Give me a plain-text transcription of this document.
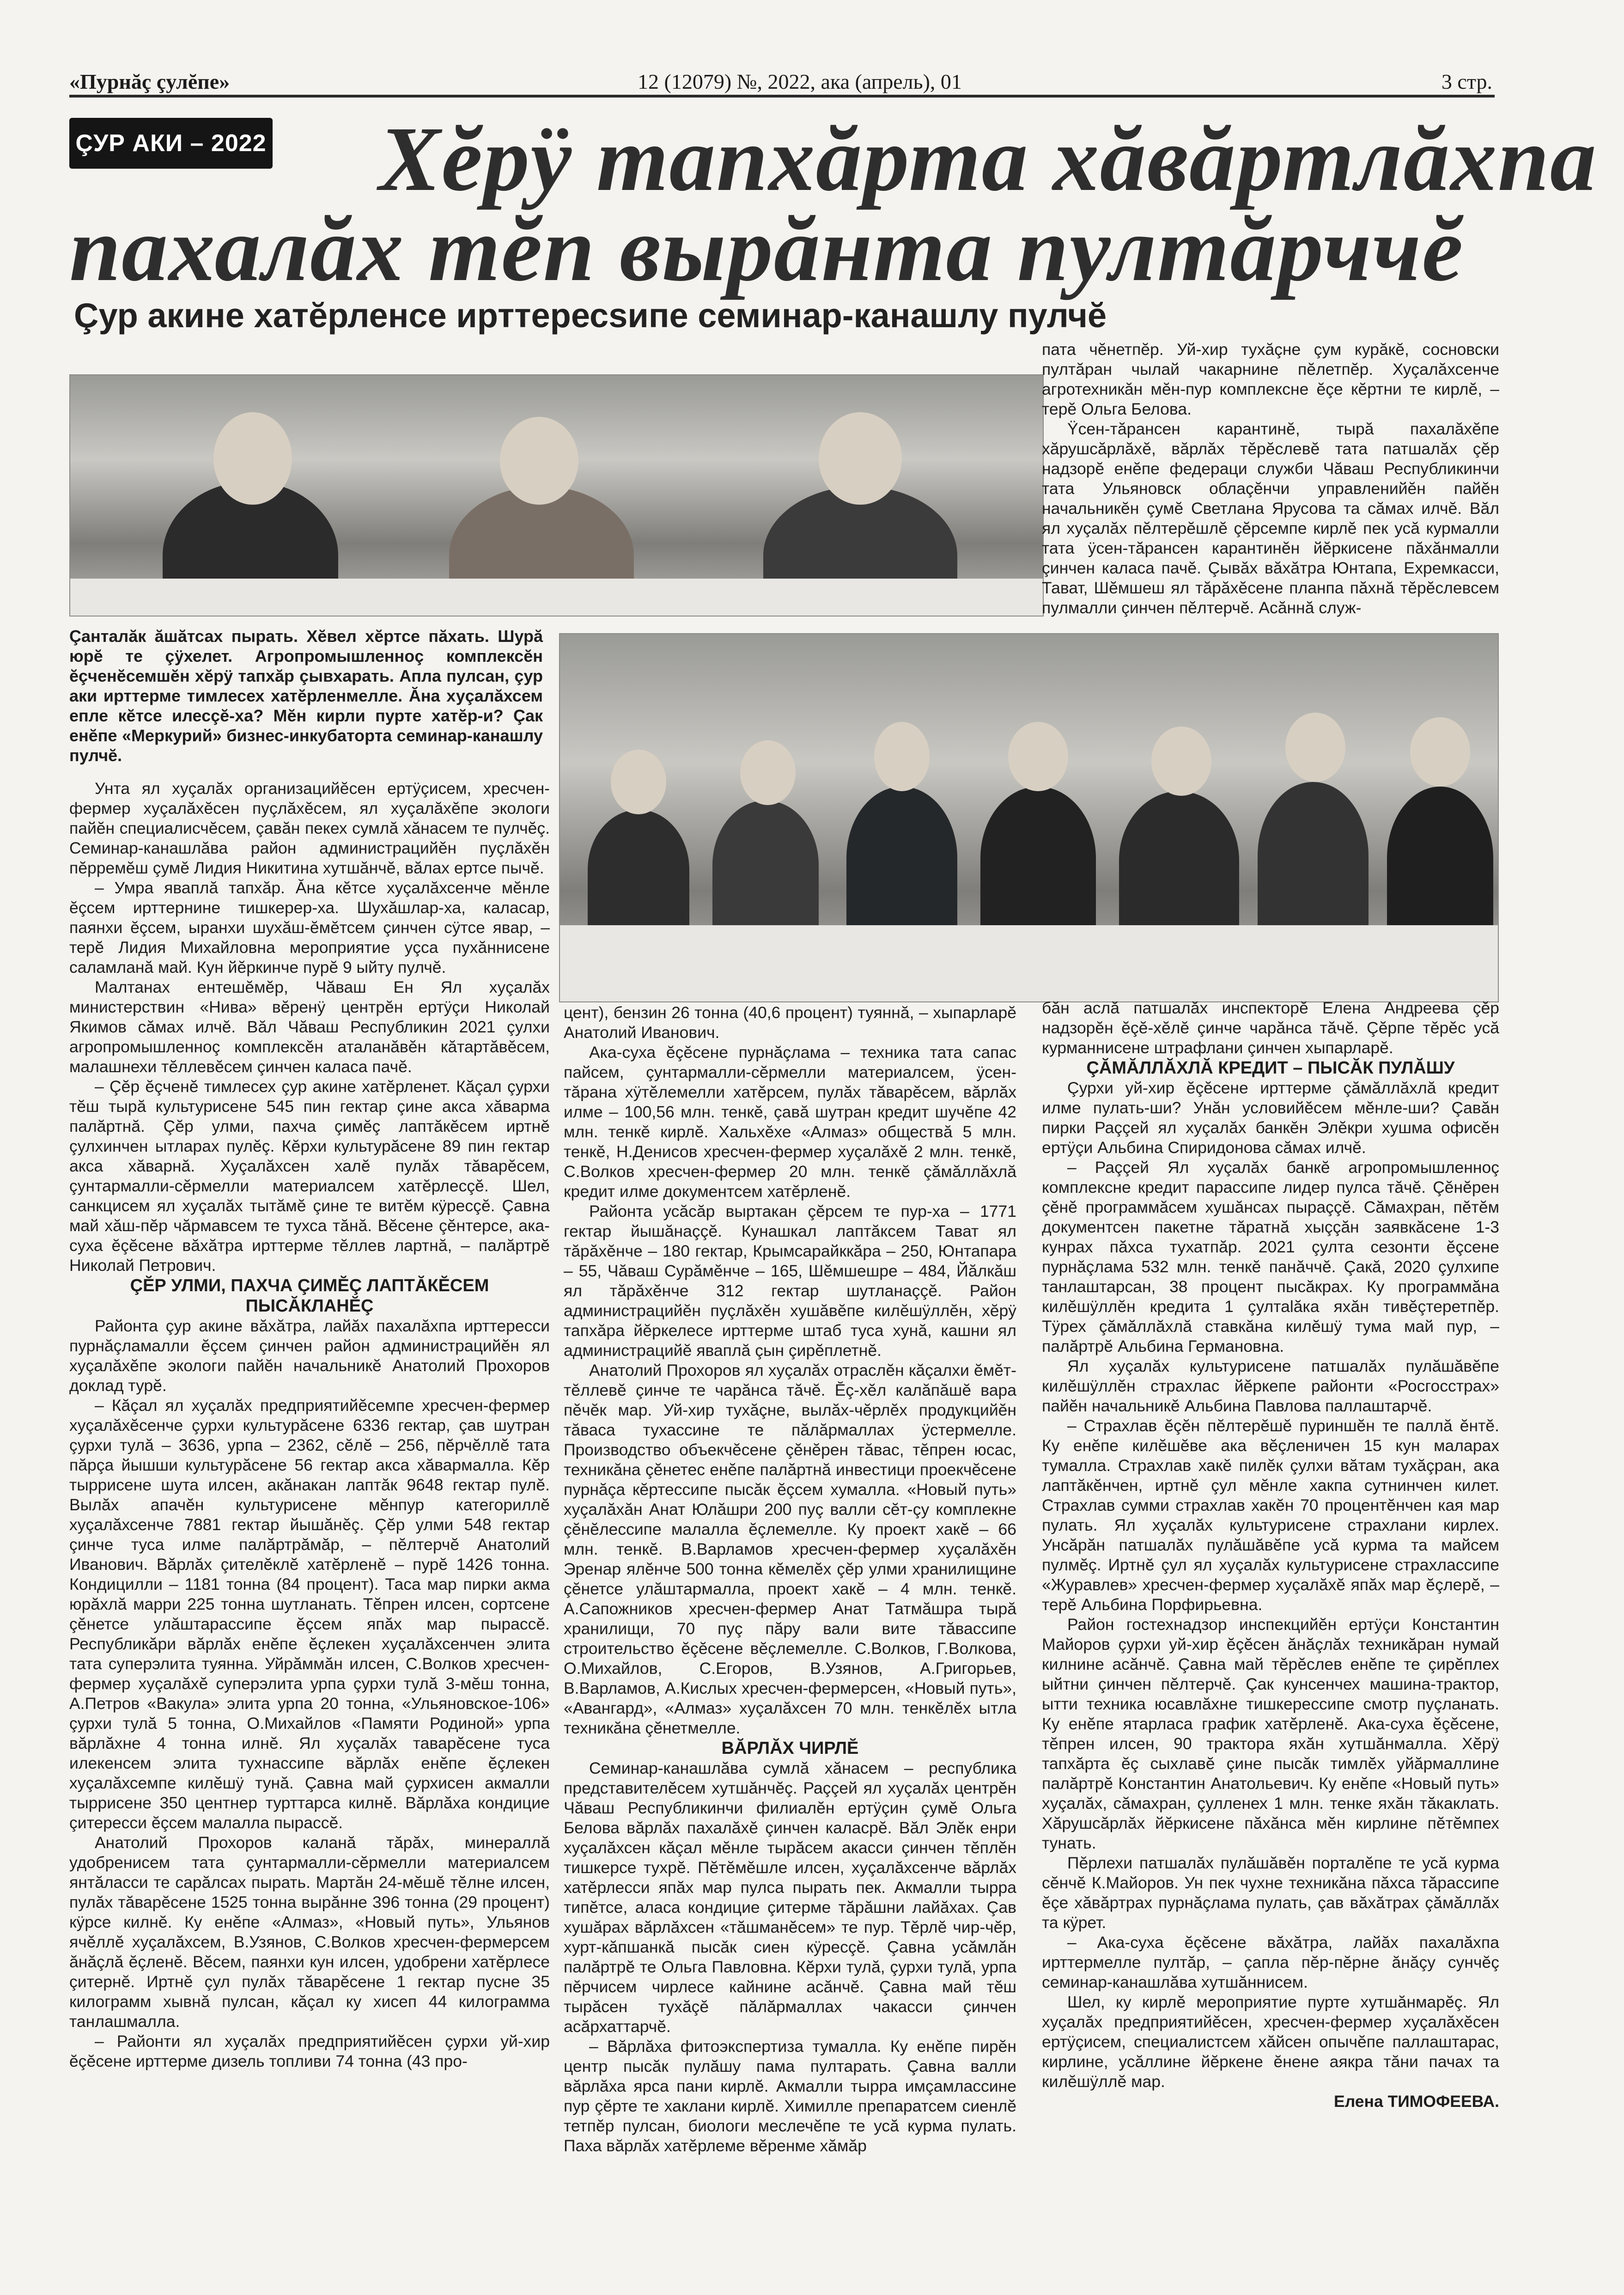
«Пурнăç çулĕпе»	12 (12079) №, 2022, ака (апрель), 01	3 стр.
ÇУР АКИ – 2022 Хĕрÿ тапхăрта хăвăртлăхпа
пахалăх тĕп вырăнта пултăрччĕ
Çур акине хатĕрленсе ирттересsипе семинар-канашлу пулчĕ
Çанталăк ăшăтсах пырать. Хĕвел хĕртсе пăхать. Шурă юрĕ те çÿхелет. Агропромышленноç комплексĕн ĕçченĕсемшĕн хĕрÿ тапхăр çывхарать. Апла пулсан, çур аки ирттерме тимлесех хатĕрленмелле. Ăна хуçалăхсем епле кĕтсе илесçĕ-ха? Мĕн кирли пурте хатĕр-и? Çак енĕпе «Меркурий» бизнес-инкубаторта семинар-канашлу пулчĕ.

Унта ял хуçалăх организацийĕсен ертÿçисем, хресчен-фермер хуçалăхĕсен пуçлăхĕсем, ял хуçалăхĕпе экологи пайĕн специалисчĕсем, çавăн пекех сумлă хăнасем те пулчĕç. Семинар-канашлăва район администрацийĕн пуçлăхĕн пĕрремĕш çумĕ Лидия Никитина хутшăнчĕ, вăлах ертсе пычĕ.

– Умра яваплă тапхăр. Ăна кĕтсе хуçалăхсенче мĕнле ĕçсем ирттернине тишкерер-ха. Шухăшлар-ха, каласар, паянхи ĕçсем, ыранхи шухăш-ĕмĕтсем çинчен сÿтсе явар, – терĕ Лидия Михайловна мероприятие уçса пухăннисене саламланă май. Кун йĕркинче пурĕ 9 ыйту пулчĕ.

Малтанах ентешĕмĕр, Чăваш Ен Ял хуçалăх министерствин «Нива» вĕренÿ центрĕн ертÿçи Николай Якимов сăмах илчĕ. Вăл Чăваш Республикин 2021 çулхи агропромышленноç комплексĕн аталанăвĕн кăтартăвĕсем, малашнехи тĕллевĕсем çинчен каласа пачĕ.

– Çĕр ĕçченĕ тимлесех çур акине хатĕрленет. Кăçал çурхи тĕш тырă культурисене 545 пин гектар çине акса хăварма палăртнă. Çĕр улми, пахча çимĕç лаптăкĕсем иртнĕ çулхинчен ытларах пулĕç. Кĕрхи культурăсене 89 пин гектар акса хăварнă. Хуçалăхсен халĕ пулăх тăварĕсем, çунтармалли-сĕрмелли материалсем хатĕрлесçĕ. Шел, санкцисем ял хуçалăх тытăмĕ çине те витĕм кÿресçĕ. Çавна май хăш-пĕр чăрмавсем те тухса тăнă. Вĕсене çĕнтерсе, ака-суха ĕçĕсене вăхăтра ирттерме тĕллев лартнă, – палăртрĕ Николай Петрович.

ÇĔР УЛМИ, ПАХЧА ÇИМĔÇ ЛАПТĂКĔСЕМ ПЫСĂКЛАНĔÇ

Районта çур акине вăхăтра, лайăх пахалăхпа ирттересси пурнăçламалли ĕçсем çинчен район администрацийĕн ял хуçалăхĕпе экологи пайĕн начальникĕ Анатолий Прохоров доклад турĕ.

– Кăçал ял хуçалăх предприятийĕсемпе хресчен-фермер хуçалăхĕсенче çурхи культурăсене 6336 гектар, çав шутран çурхи тулă – 3636, урпа – 2362, сĕлĕ – 256, пĕрчĕллĕ тата пăрça йышши культурăсене 56 гектар акса хăвармалла. Кĕр тыррисене шута илсен, акăнакан лаптăк 9648 гектар пулĕ. Вылăх апачĕн культурисене мĕнпур категориллĕ хуçалăхсенче 7881 гектар йышăнĕç. Çĕр улми 548 гектар çинче туса илме палăртрăмăр, – пĕлтерчĕ Анатолий Иванович. Вăрлăх çителĕклĕ хатĕрленĕ – пурĕ 1426 тонна. Кондицилли – 1181 тонна (84 процент). Таса мар пирки акма юрăхлă марри 225 тонна шутланать. Тĕпрен илсен, сортсене çĕнетсе улăштарассипе ĕçсем япăх мар пырассĕ. Республикăри вăрлăх енĕпе ĕçлекен хуçалăхсенчен элита тата суперэлита туянна. Уйрăммăн илсен, С.Волков хресчен-фермер хуçалăхĕ суперэлита урпа çурхи тулă 3-мĕш тонна, А.Петров «Вакула» элита урпа 20 тонна, «Ульяновское-106» çурхи тулă 5 тонна, О.Михайлов «Памяти Родиной» урпа вăрлăхне 4 тонна илнĕ. Ял хуçалăх таварĕсене туса илекенсем элита тухнассипе вăрлăх енĕпе ĕçлекен хуçалăхсемпе килĕшÿ тунă. Çавна май çурхисен акмалли тыррисене 350 центнер турттарса килнĕ. Вăрлăха кондицие çитересси ĕçсем малалла пырассĕ.

Анатолий Прохоров каланă тăрăх, минераллă удобренисем тата çунтармалли-сĕрмелли материалсем янтăласси те сарăлсах пырать. Мартăн 24-мĕшĕ тĕлне илсен, пулăх тăварĕсене 1525 тонна вырăнне 396 тонна (29 процент) кÿрсе килнĕ. Ку енĕпе «Алмаз», «Новый путь», Ульянов ячĕллĕ хуçалăхсем, В.Узянов, С.Волков хресчен-фермерсем ăнăçлă ĕçленĕ. Вĕсем, паянхи кун илсен, удобрени хатĕрлесе çитернĕ. Иртнĕ çул пулăх тăварĕсене 1 гектар пусне 35 килограмм хывнă пулсан, кăçал ку хисеп 44 килограмма танлашмалла.

– Районти ял хуçалăх предприятийĕсен çурхи уй-хир ĕçĕсене ирттерме дизель топливи 74 тонна (43 про-

цент), бензин 26 тонна (40,6 процент) туяннă, – хыпарларĕ Анатолий Иванович.

Ака-суха ĕçĕсене пурнăçлама – техника тата сапас пайсем, çунтармалли-сĕрмелли материалсем, ÿсен-тăрана хÿтĕлемелли хатĕрсем, пулăх тăварĕсем, вăрлăх илме – 100,56 млн. тенкĕ, çавă шутран кредит шучĕпе 42 млн. тенкĕ кирлĕ. Хальхĕхе «Алмаз» обществă 5 млн. тенкĕ, Н.Денисов хресчен-фермер хуçалăхĕ 2 млн. тенкĕ, С.Волков хресчен-фермер 20 млн. тенкĕ çăмăллăхлă кредит илме документсем хатĕрленĕ.

Районта усăсăр выртакан çĕрсем те пур-ха – 1771 гектар йышăнаççĕ. Кунашкал лаптăксем Тават ял тăрăхĕнче – 180 гектар, Крымсарайккăра – 250, Юнтапара – 55, Чăваш Сурăмĕнче – 165, Шĕмшешре – 484, Йăлкăш ял тăрăхĕнче 312 гектар шутланаççĕ. Район администрацийĕн пуçлăхĕн хушăвĕпе килĕшÿллĕн, хĕрÿ тапхăра йĕркелесе ирттерме штаб туса хунă, кашни ял администрацийĕ яваплă çын çирĕплетнĕ.

Анатолий Прохоров ял хуçалăх отраслĕн кăçалхи ĕмĕт-тĕллевĕ çинче те чарăнса тăчĕ. Ĕç-хĕл калăпăшĕ вара пĕчĕк мар. Уй-хир тухăçне, вылăх-чĕрлĕх продукцийĕн тăваса тухассине те пăлăрмаллах ÿстермелле. Производство объекчĕсене çĕнĕрен тăвас, тĕпрен юсас, техникăна çĕнетес енĕпе палăртнă инвестици проекчĕсене пурнăçа кĕртессипе пысăк ĕçсем хумалла. «Новый путь» хуçалăхăн Анат Юлăшри 200 пуç валли сĕт-çу комплекне çĕнĕлессипе малалла ĕçлемелле. Ку проект хакĕ – 66 млн. тенкĕ. В.Варламов хресчен-фермер хуçалăхĕн Эренар ялĕнче 500 тонна кĕмелĕх çĕр улми хранилищине çĕнетсе улăштармалла, проект хакĕ – 4 млн. тенкĕ. А.Сапожников хресчен-фермер Анат Татмăшра тырă хранилищи, 70 пуç пăру вали вите тăвассипе строительство ĕçĕсене вĕçлемелле. С.Волков, Г.Волкова, О.Михайлов, С.Егоров, В.Узянов, А.Григорьев, В.Варламов, А.Кислых хресчен-фермерсен, «Новый путь», «Авангард», «Алмаз» хуçалăхсен 70 млн. тенкĕлĕх ытла техникăна çĕнетмелле.

ВĂРЛĂХ ЧИРЛĔ

Семинар-канашлăва сумлă хăнасем – республика представителĕсем хутшăнчĕç. Раççей ял хуçалăх центрĕн Чăваш Республикинчи филиалĕн ертÿçин çумĕ Ольга Белова вăрлăх пахалăхĕ çинчен каласрĕ. Вăл Элĕк енри хуçалăхсен кăçал мĕнле тырăсем акасси çинчен тĕплĕн тишкерсе тухрĕ. Пĕтĕмĕшле илсен, хуçалăхсенче вăрлăх хатĕрлесси япăх мар пулса пырать пек. Акмалли тырра типĕтсе, аласа кондицие çитерме тăрăшни лайăхах. Çав хушăрах вăрлăхсен «тăшманĕсем» те пур. Тĕрлĕ чир-чĕр, хурт-кăпшанкă пысăк сиен кÿресçĕ. Çавна усăмлăн палăртрĕ те Ольга Павловна. Кĕрхи тулă, çурхи тулă, урпа пĕрчисем чирлесе кайнине асăнчĕ. Çавна май тĕш тырăсен тухăçĕ пăлăрмаллах чакасси çинчен асăрхаттарчĕ.

– Вăрлăха фитоэкспертиза тумалла. Ку енĕпе пирĕн центр пысăк пулăшу пама пултарать. Çавна валли вăрлăха ярса пани кирлĕ. Акмалли тырра имçамлассине пур çĕрте те хаклани кирлĕ. Химилле препаратсем сиенлĕ тетпĕр пулсан, биологи меслечĕпе те усă курма пулать. Паха вăрлăх хатĕрлеме вĕренме хăмăр

пата чĕнетпĕр. Уй-хир тухăçне çум курăкĕ, сосновски пултăран чылай чакарнине пĕлетпĕр. Хуçалăхсенче агротехникăн мĕн-пур комплексне ĕçе кĕртни те кирлĕ, – терĕ Ольга Белова.

Ÿсен-тăрансен карантинĕ, тырă пахалăхĕпе хăрушсăрлăхĕ, вăрлăх тĕрĕслевĕ тата патшалăх çĕр надзорĕ енĕпе федераци служби Чăваш Республикинчи тата Ульяновск облаçĕнчи управленийĕн пайĕн начальникĕн çумĕ Светлана Ярусова та сăмах илчĕ. Вăл ял хуçалăх пĕлтерĕшлĕ çĕрсемпе кирлĕ пек усă курмалли тата ÿсен-тăрансен карантинĕн йĕркисене пăхăнмалли çинчен каласа пачĕ. Çывăх вăхăтра Юнтапа, Ехремкасси, Тават, Шĕмшеш ял тăрăхĕсене планпа пăхнă тĕрĕслевсем пулмалли çинчен пĕлтерчĕ. Асăннă служ-

бăн аслă патшалăх инспекторĕ Елена Андреева çĕр надзорĕн ĕçĕ-хĕлĕ çинче чарăнса тăчĕ. Çĕрпе тĕрĕс усă курманнисене штрафлани çинчен хыпарларĕ.

ÇĂМĂЛЛĂХЛĂ КРЕДИТ – ПЫСĂК ПУЛĂШУ

Çурхи уй-хир ĕçĕсене ирттерме çăмăллăхлă кредит илме пулать-ши? Унăн условийĕсем мĕнле-ши? Çавăн пирки Раççей ял хуçалăх банкĕн Элĕкри хушма офисĕн ертÿçи Альбина Спиридонова сăмах илчĕ.

– Раççей Ял хуçалăх банкĕ агропромышленноç комплексне кредит парассипе лидер пулса тăчĕ. Çĕнĕрен çĕнĕ программăсем хушăнсах пыраççĕ. Сăмахран, пĕтĕм документсен пакетне тăратнă хыççăн заявкăсене 1-3 кунрах пăхса тухатпăр. 2021 çулта сезонти ĕçсене пурнăçлама 532 млн. тенкĕ панăччĕ. Çакă, 2020 çулхипе танлаштарсан, 38 процент пысăкрах. Ку программăна килĕшÿллĕн кредита 1 çултаlăка яхăн тивĕçтеретпĕр. Тÿрех çăмăллăхлă ставкăна килĕшÿ тума май пур, – палăртрĕ Альбина Германовна.

Ял хуçалăх культурисене патшалăх пулăшăвĕпе килĕшÿллĕн страхлас йĕркепе районти «Росгосстрах» пайĕн начальникĕ Альбина Павлова паллаштарчĕ.

– Страхлав ĕçĕн пĕлтерĕшĕ пуриншĕн те паллă ĕнтĕ. Ку енĕпе килĕшĕве ака вĕçленичен 15 кун маларах тумалла. Страхлав хакĕ пилĕк çулхи вăтам тухăçран, ака лаптăкĕнчен, иртнĕ çул мĕнле хакпа сутнинчен килет. Страхлав сумми страхлав хакĕн 70 процентĕнчен кая мар пулать. Ял хуçалăх культурисене страхлани кирлех. Унсăрăн патшалăх пулăшăвĕпе усă курма та майсем пулмĕç. Иртнĕ çул ял хуçалăх культурисене страхлассипе «Журавлев» хресчен-фермер хуçалăхĕ япăх мар ĕçлерĕ, – терĕ Альбина Порфирьевна.

Район гостехнадзор инспекцийĕн ертÿçи Константин Майоров çурхи уй-хир ĕçĕсен ăнăçлăх техникăран нумай килнине асăнчĕ. Çавна май тĕрĕслев енĕпе те çирĕплех ыйтни çинчен пĕлтерчĕ. Çак кунсенчех машина-трактор, ытти техника юсавлăхне тишкерессипе смотр пуçланать. Ку енĕпе ятарласа график хатĕрленĕ. Ака-суха ĕçĕсене, тĕпрен илсен, 90 трактора яхăн хутшăнмалла. Хĕрÿ тапхăрта ĕç сыхлавĕ çине пысăк тимлĕх уйăрмаллине палăртрĕ Константин Анатольевич. Ку енĕпе «Новый путь» хуçалăх, сăмахран, çулленех 1 млн. тенке яхăн тăкаклать. Хăрушсăрлăх йĕркисене пăхăнса мĕн кирлине пĕтĕмпех тунать.

Пĕрлехи патшалăх пулăшăвĕн порталĕпе те усă курма сĕнчĕ К.Майоров. Ун пек чухне техникăна пăхса тăрассипе ĕçе хăвăртрах пурнăçлама пулать, çав вăхăтрах çăмăллăх та кÿрет.

– Ака-суха ĕçĕсене вăхăтра, лайăх пахалăхпа ирттермелле пултăр, – çапла пĕр-пĕрне ăнăçу сунчĕç семинар-канашлăва хутшăннисем.

Шел, ку кирлĕ мероприятие пурте хутшăнмарĕç. Ял хуçалăх предприятийĕсен, хресчен-фермер хуçалăхĕсен ертÿçисем, специалистсем хăйсен опычĕпе паллаштарас, кирлине, усăллине йĕркене ĕнене аякра тăни пачах та килĕшÿллĕ мар.

Елена ТИМОФЕЕВА.
